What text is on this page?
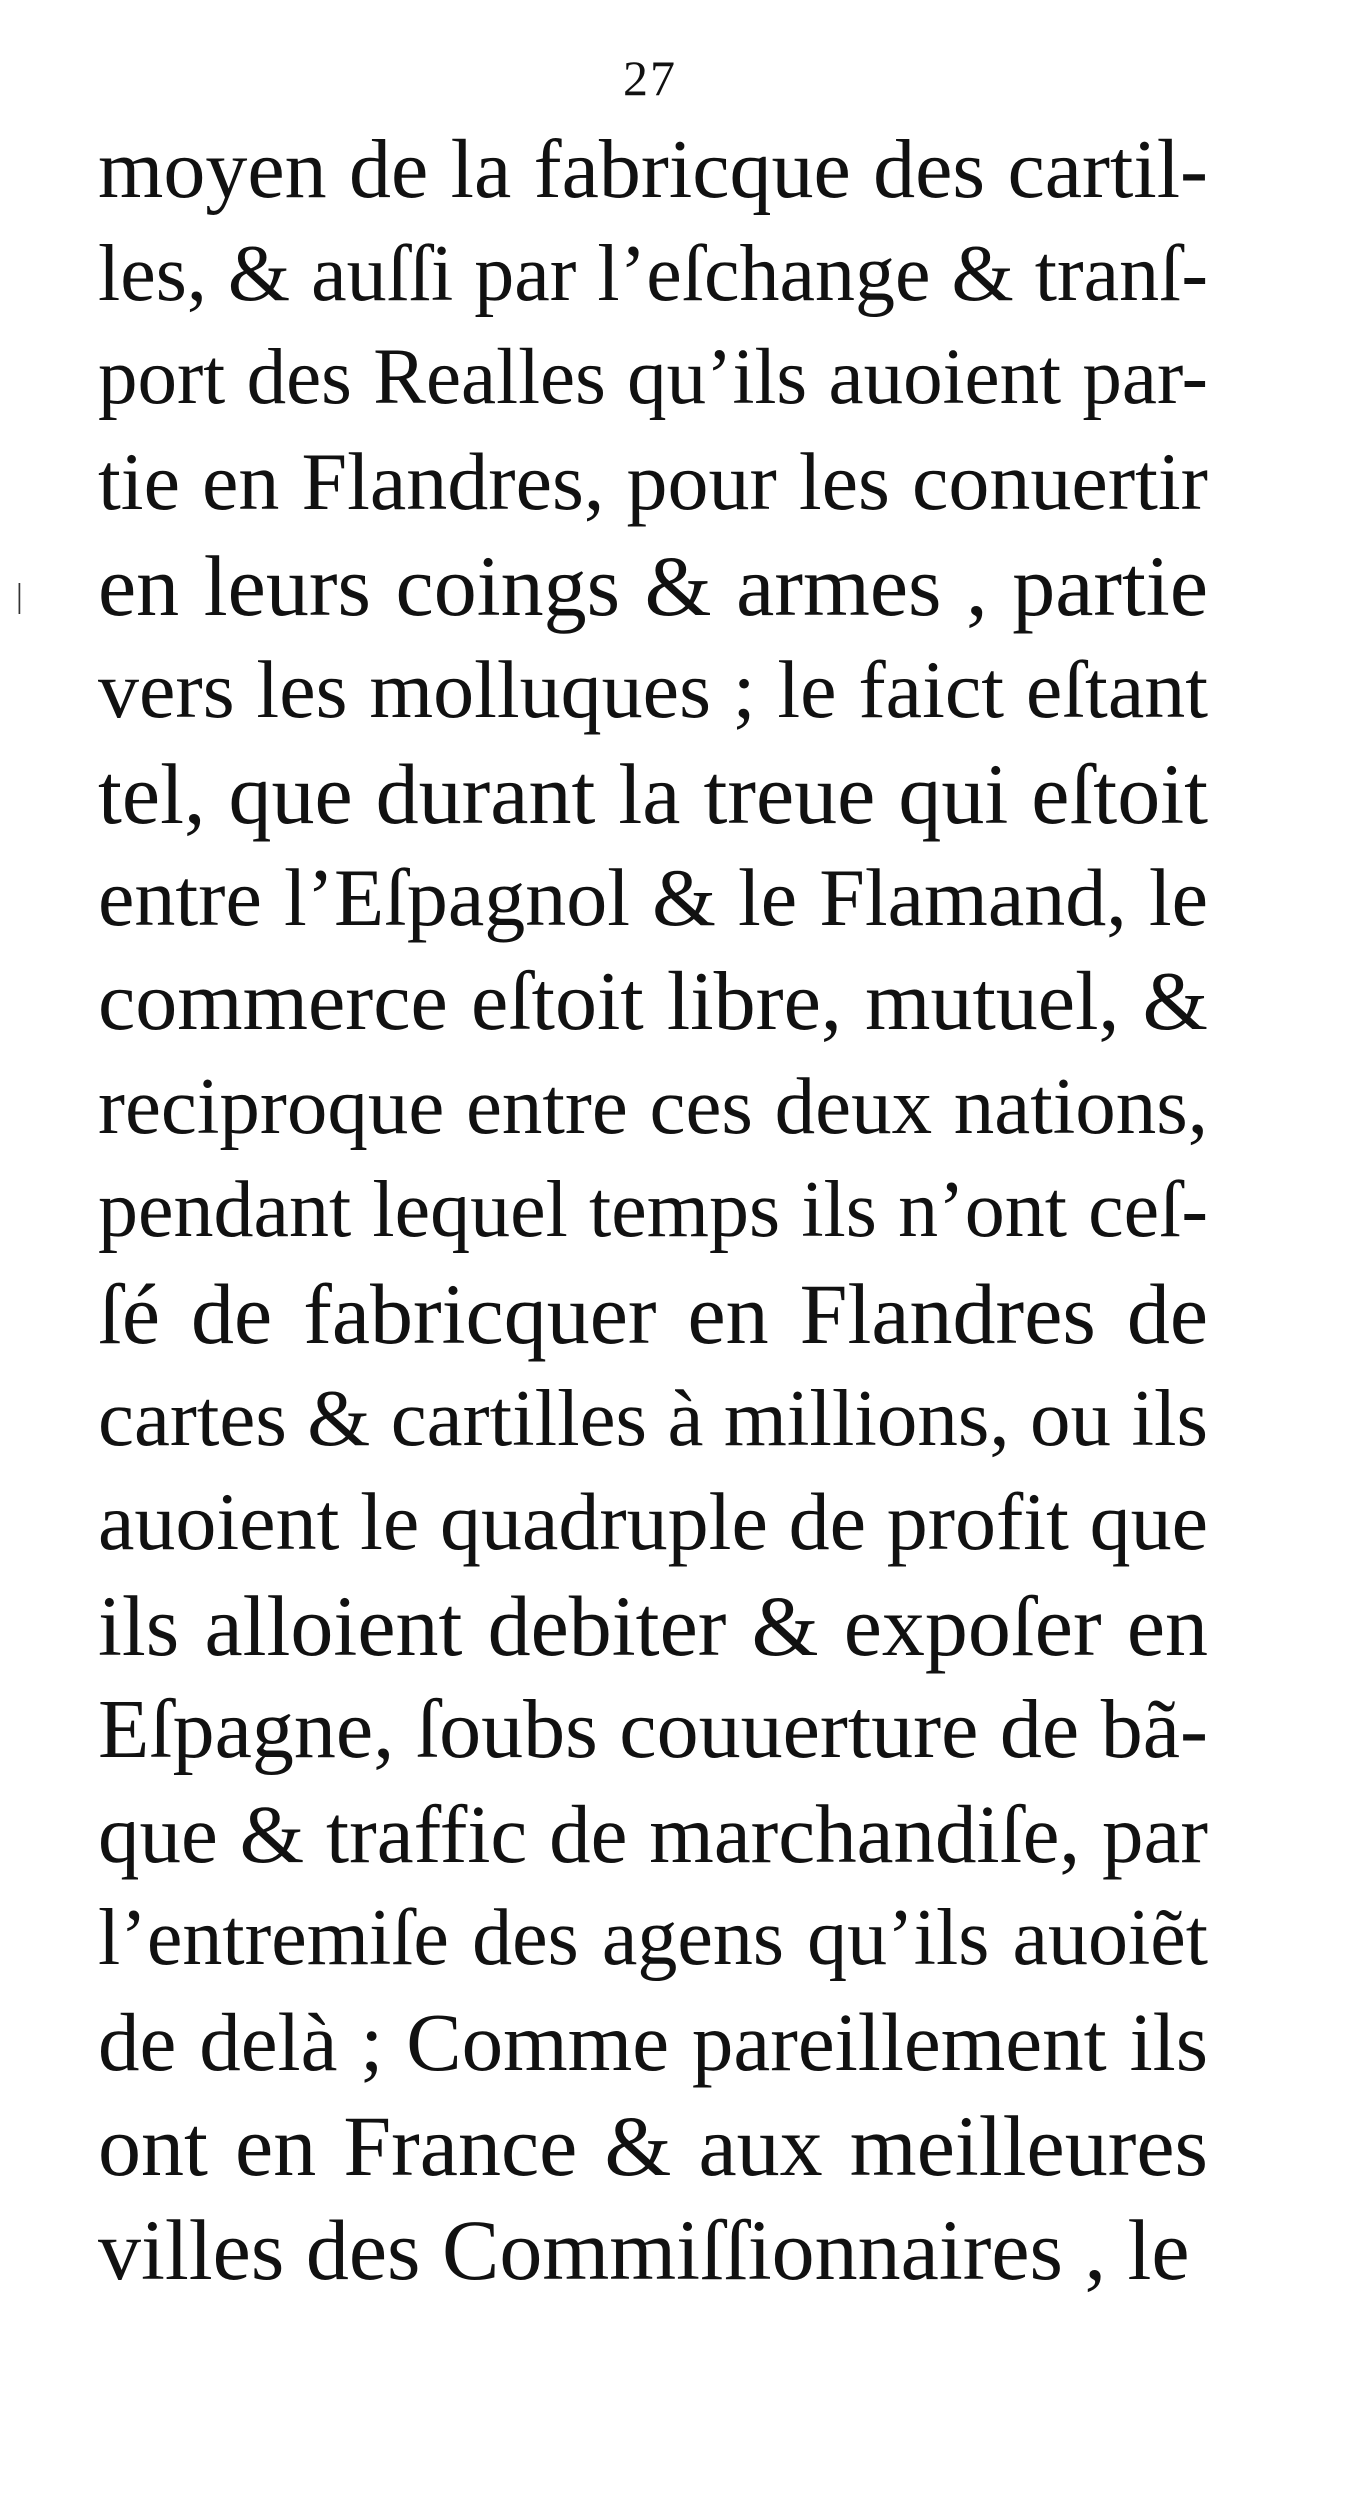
27
|
moyen de la fabricque des cartil-
les, & auſſi par l’eſchange & tranſ-
port des Realles qu’ils auoient par-
tie en Flandres, pour les conuertir
en leurs coings & armes , partie
vers les molluques ; le faict eſtant
tel, que durant la treue qui eſtoit
entre l’Eſpagnol & le Flamand, le
commerce eſtoit libre, mutuel, &
reciproque entre ces deux nations,
pendant lequel temps ils n’ont ceſ-
ſé de fabricquer en Flandres de
cartes & cartilles à millions, ou ils
auoient le quadruple de profit que
ils alloient debiter & expoſer en
Eſpagne, ſoubs couuerture de bã-
que & traffic de marchandiſe, par
l’entremiſe des agens qu’ils auoiẽt
de delà ; Comme pareillement ils
ont en France & aux meilleures
villes des Commiſſionnaires , le
